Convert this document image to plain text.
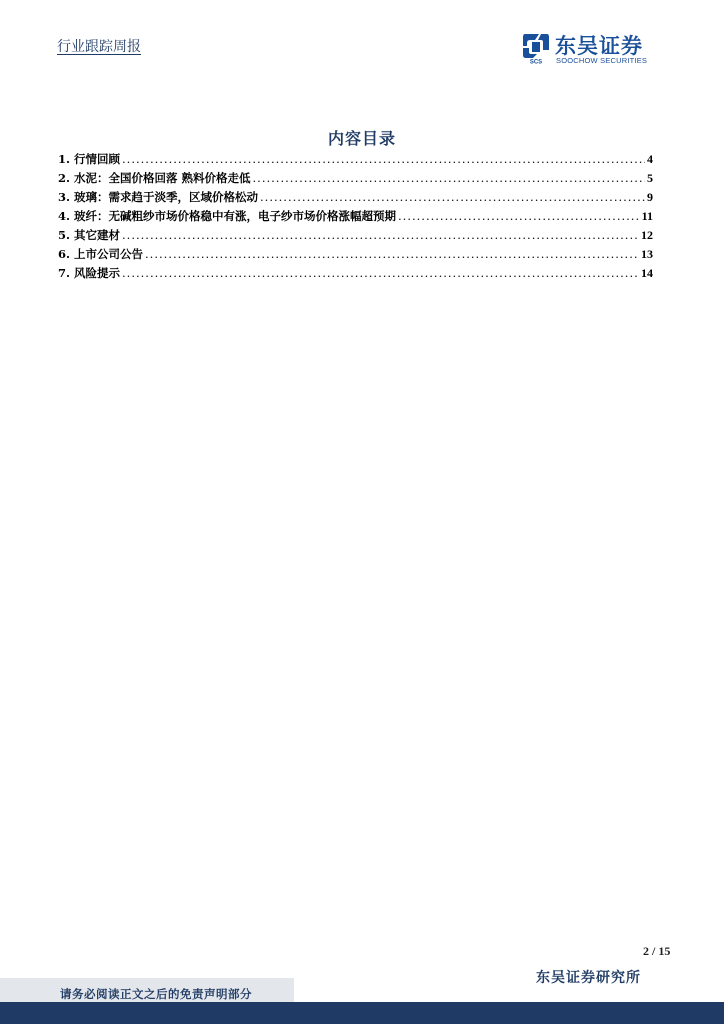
行业跟踪周报
SCS
东吴证券
SOOCHOW SECURITIES
内容目录
1. 行情回顾 .....	4
2. 水泥：全国价格回落 熟料价格走低 .....	5
3. 玻璃：需求趋于淡季，区域价格松动 .....	9
4. 玻纤：无碱粗纱市场价格稳中有涨，电子纱市场价格涨幅超预期 .....	11
5. 其它建材 .....	12
6. 上市公司公告 .....	13
7. 风险提示 .....	14
2 / 15
东吴证券研究所
请务必阅读正文之后的免责声明部分
